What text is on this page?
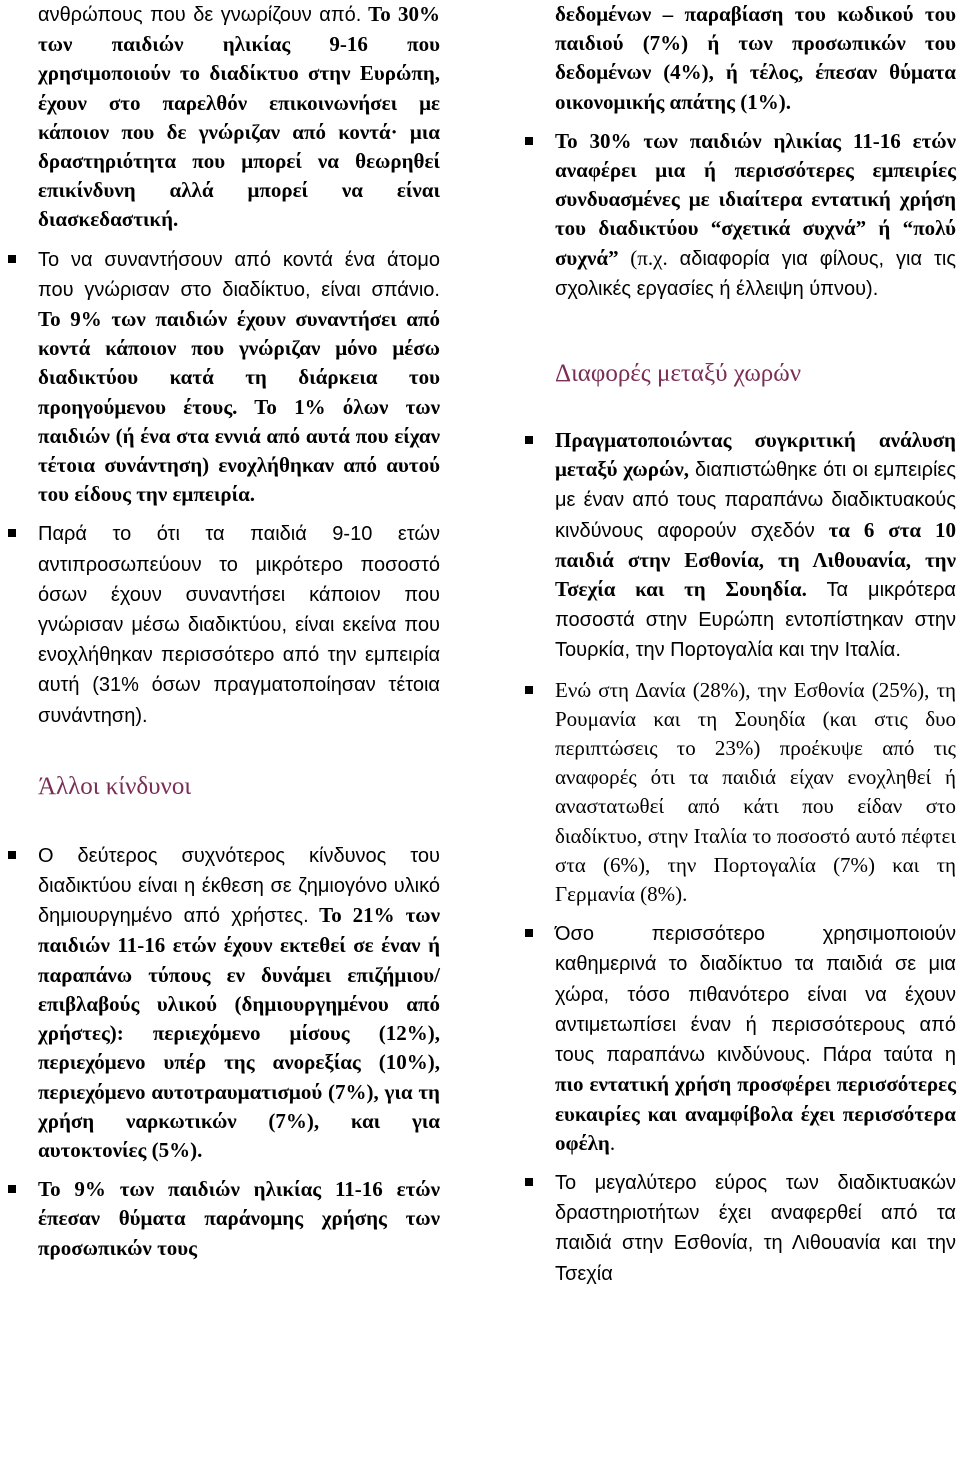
ανθρώπους που δε γνωρίζουν από. Το 30% των παιδιών ηλικίας 9-16 που χρησιμοποιούν το διαδίκτυο στην Ευρώπη, έχουν στο παρελθόν επικοινωνήσει με κάποιον που δε γνώριζαν από κοντά· μια δραστηριότητα που μπορεί να θεωρηθεί επικίνδυνη αλλά μπορεί να είναι διασκεδαστική.

Το να συναντήσουν από κοντά ένα άτομο που γνώρισαν στο διαδίκτυο, είναι σπάνιο. Το 9% των παιδιών έχουν συναντήσει από κοντά κάποιον που γνώριζαν μόνο μέσω διαδικτύου κατά τη διάρκεια του προηγούμενου έτους. Το 1% όλων των παιδιών (ή ένα στα εννιά από αυτά που είχαν τέτοια συνάντηση) ενοχλήθηκαν από αυτού του είδους την εμπειρία.

Παρά το ότι τα παιδιά 9-10 ετών αντιπροσωπεύουν το μικρότερο ποσοστό όσων έχουν συναντήσει κάποιον που γνώρισαν μέσω διαδικτύου, είναι εκείνα που ενοχλήθηκαν περισσότερο από την εμπειρία αυτή (31% όσων πραγματοποίησαν τέτοια συνάντηση).

Άλλοι κίνδυνοι

Ο δεύτερος συχνότερος κίνδυνος του διαδικτύου είναι η έκθεση σε ζημιογόνο υλικό δημιουργημένο από χρήστες. Το 21% των παιδιών 11-16 ετών έχουν εκτεθεί σε έναν ή παραπάνω τύπους εν δυνάμει επιζήμιου/επιβλαβούς υλικού (δημιουργημένου από χρήστες): περιεχόμενο μίσους (12%), περιεχόμενο υπέρ της ανορεξίας (10%), περιεχόμενο αυτοτραυματισμού (7%), για τη χρήση ναρκωτικών (7%), και για αυτοκτονίες (5%).

Το 9% των παιδιών ηλικίας 11-16 ετών έπεσαν θύματα παράνομης χρήσης των προσωπικών τους

δεδομένων – παραβίαση του κωδικού του παιδιού (7%) ή των προσωπικών του δεδομένων (4%), ή τέλος, έπεσαν θύματα οικονομικής απάτης (1%).

Το 30% των παιδιών ηλικίας 11-16 ετών αναφέρει μια ή περισσότερες εμπειρίες συνδυασμένες με ιδιαίτερα εντατική χρήση του διαδικτύου “σχετικά συχνά” ή “πολύ συχνά” (π.χ. αδιαφορία για φίλους, για τις σχολικές εργασίες ή έλλειψη ύπνου).

Διαφορές μεταξύ χωρών

Πραγματοποιώντας συγκριτική ανάλυση μεταξύ χωρών, διαπιστώθηκε ότι οι εμπειρίες με έναν από τους παραπάνω διαδικτυακούς κινδύνους αφορούν σχεδόν τα 6 στα 10 παιδιά στην Εσθονία, τη Λιθουανία, την Τσεχία και τη Σουηδία. Τα μικρότερα ποσοστά στην Ευρώπη εντοπίστηκαν στην Τουρκία, την Πορτογαλία και την Ιταλία.

Ενώ στη Δανία (28%), την Εσθονία (25%), τη Ρουμανία και τη Σουηδία (και στις δυο περιπτώσεις το 23%) προέκυψε από τις αναφορές ότι τα παιδιά είχαν ενοχληθεί ή αναστατωθεί από κάτι που είδαν στο διαδίκτυο, στην Ιταλία το ποσοστό αυτό πέφτει στα (6%), την Πορτογαλία (7%) και τη Γερμανία (8%).

Όσο περισσότερο χρησιμοποιούν καθημερινά το διαδίκτυο τα παιδιά σε μια χώρα, τόσο πιθανότερο είναι να έχουν αντιμετωπίσει έναν ή περισσότερους από τους παραπάνω κινδύνους. Πάρα ταύτα η πιο εντατική χρήση προσφέρει περισσότερες ευκαιρίες και αναμφίβολα έχει περισσότερα οφέλη.

Το μεγαλύτερο εύρος των διαδικτυακών δραστηριοτήτων έχει αναφερθεί από τα παιδιά στην Εσθονία, τη Λιθουανία και την Τσεχία
